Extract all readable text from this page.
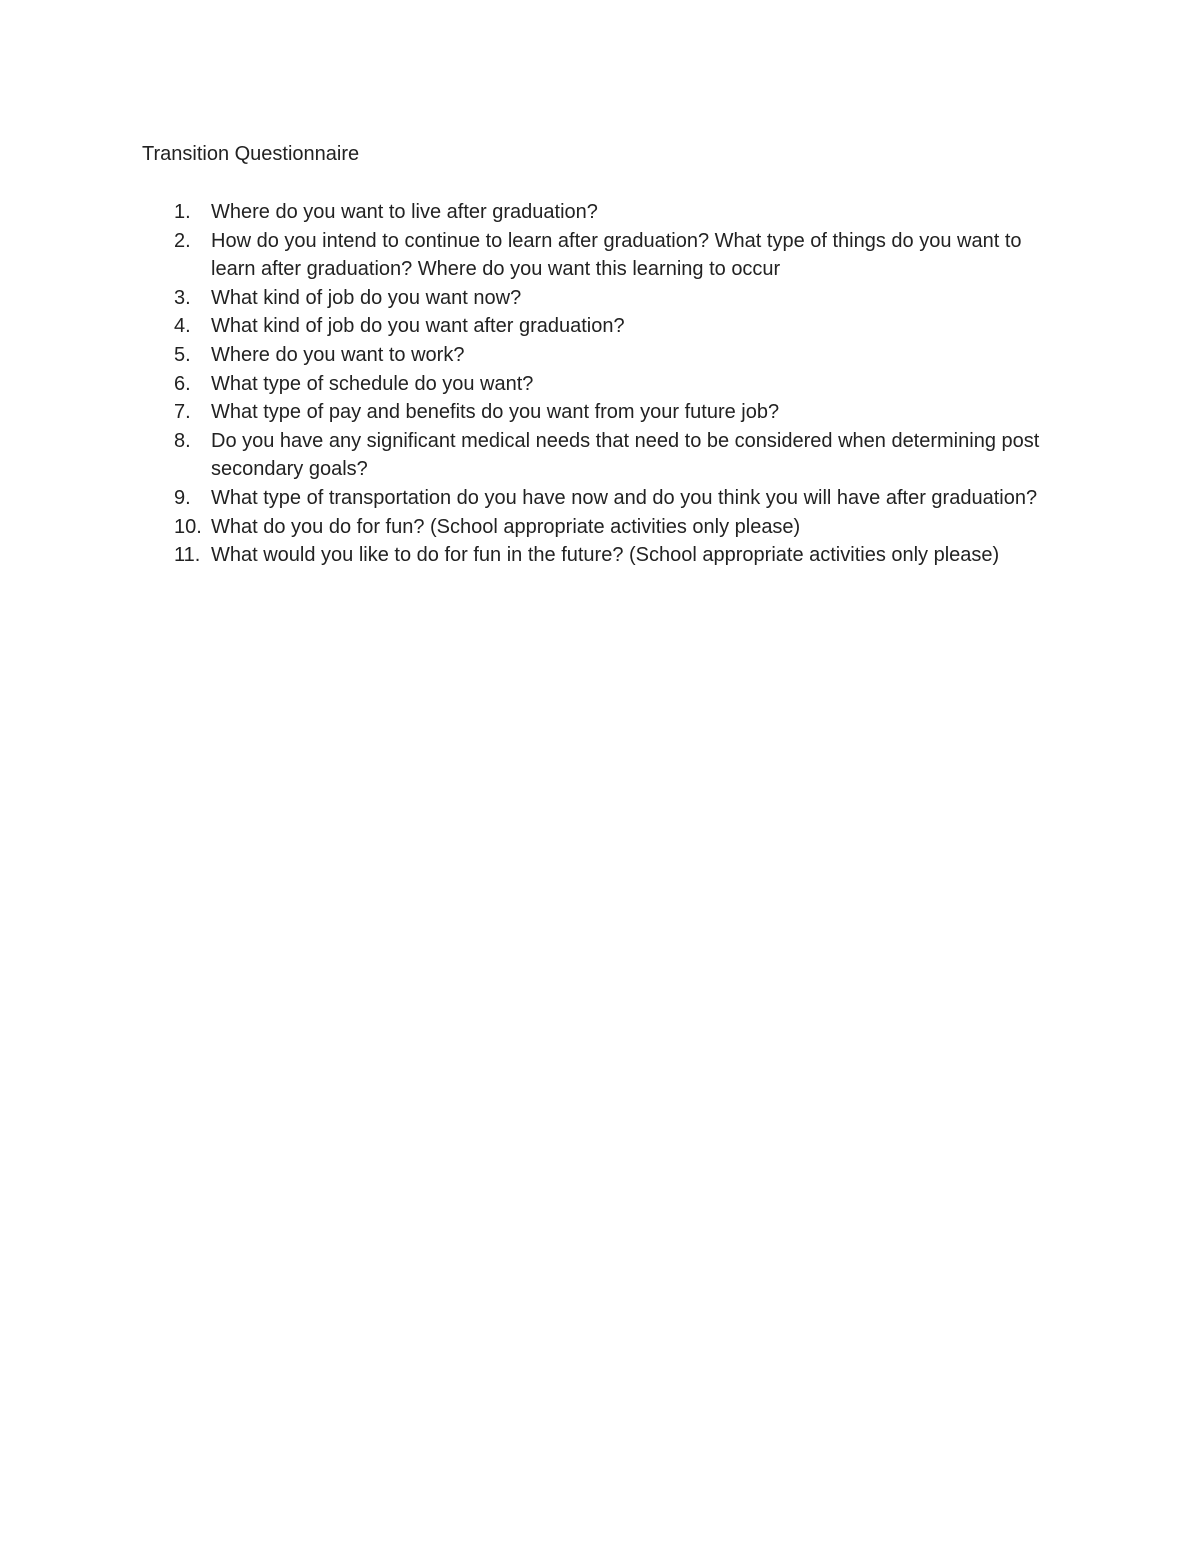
Transition Questionnaire
1. Where do you want to live after graduation?
2. How do you intend to continue to learn after graduation? What type of things do you want to learn after graduation? Where do you want this learning to occur
3. What kind of job do you want now?
4. What kind of job do you want after graduation?
5. Where do you want to work?
6. What type of schedule do you want?
7. What type of pay and benefits do you want from your future job?
8. Do you have any significant medical needs that need to be considered when determining post secondary goals?
9. What type of transportation do you have now and do you think you will have after graduation?
10. What do you do for fun? (School appropriate activities only please)
11. What would you like to do for fun in the future? (School appropriate activities only please)
